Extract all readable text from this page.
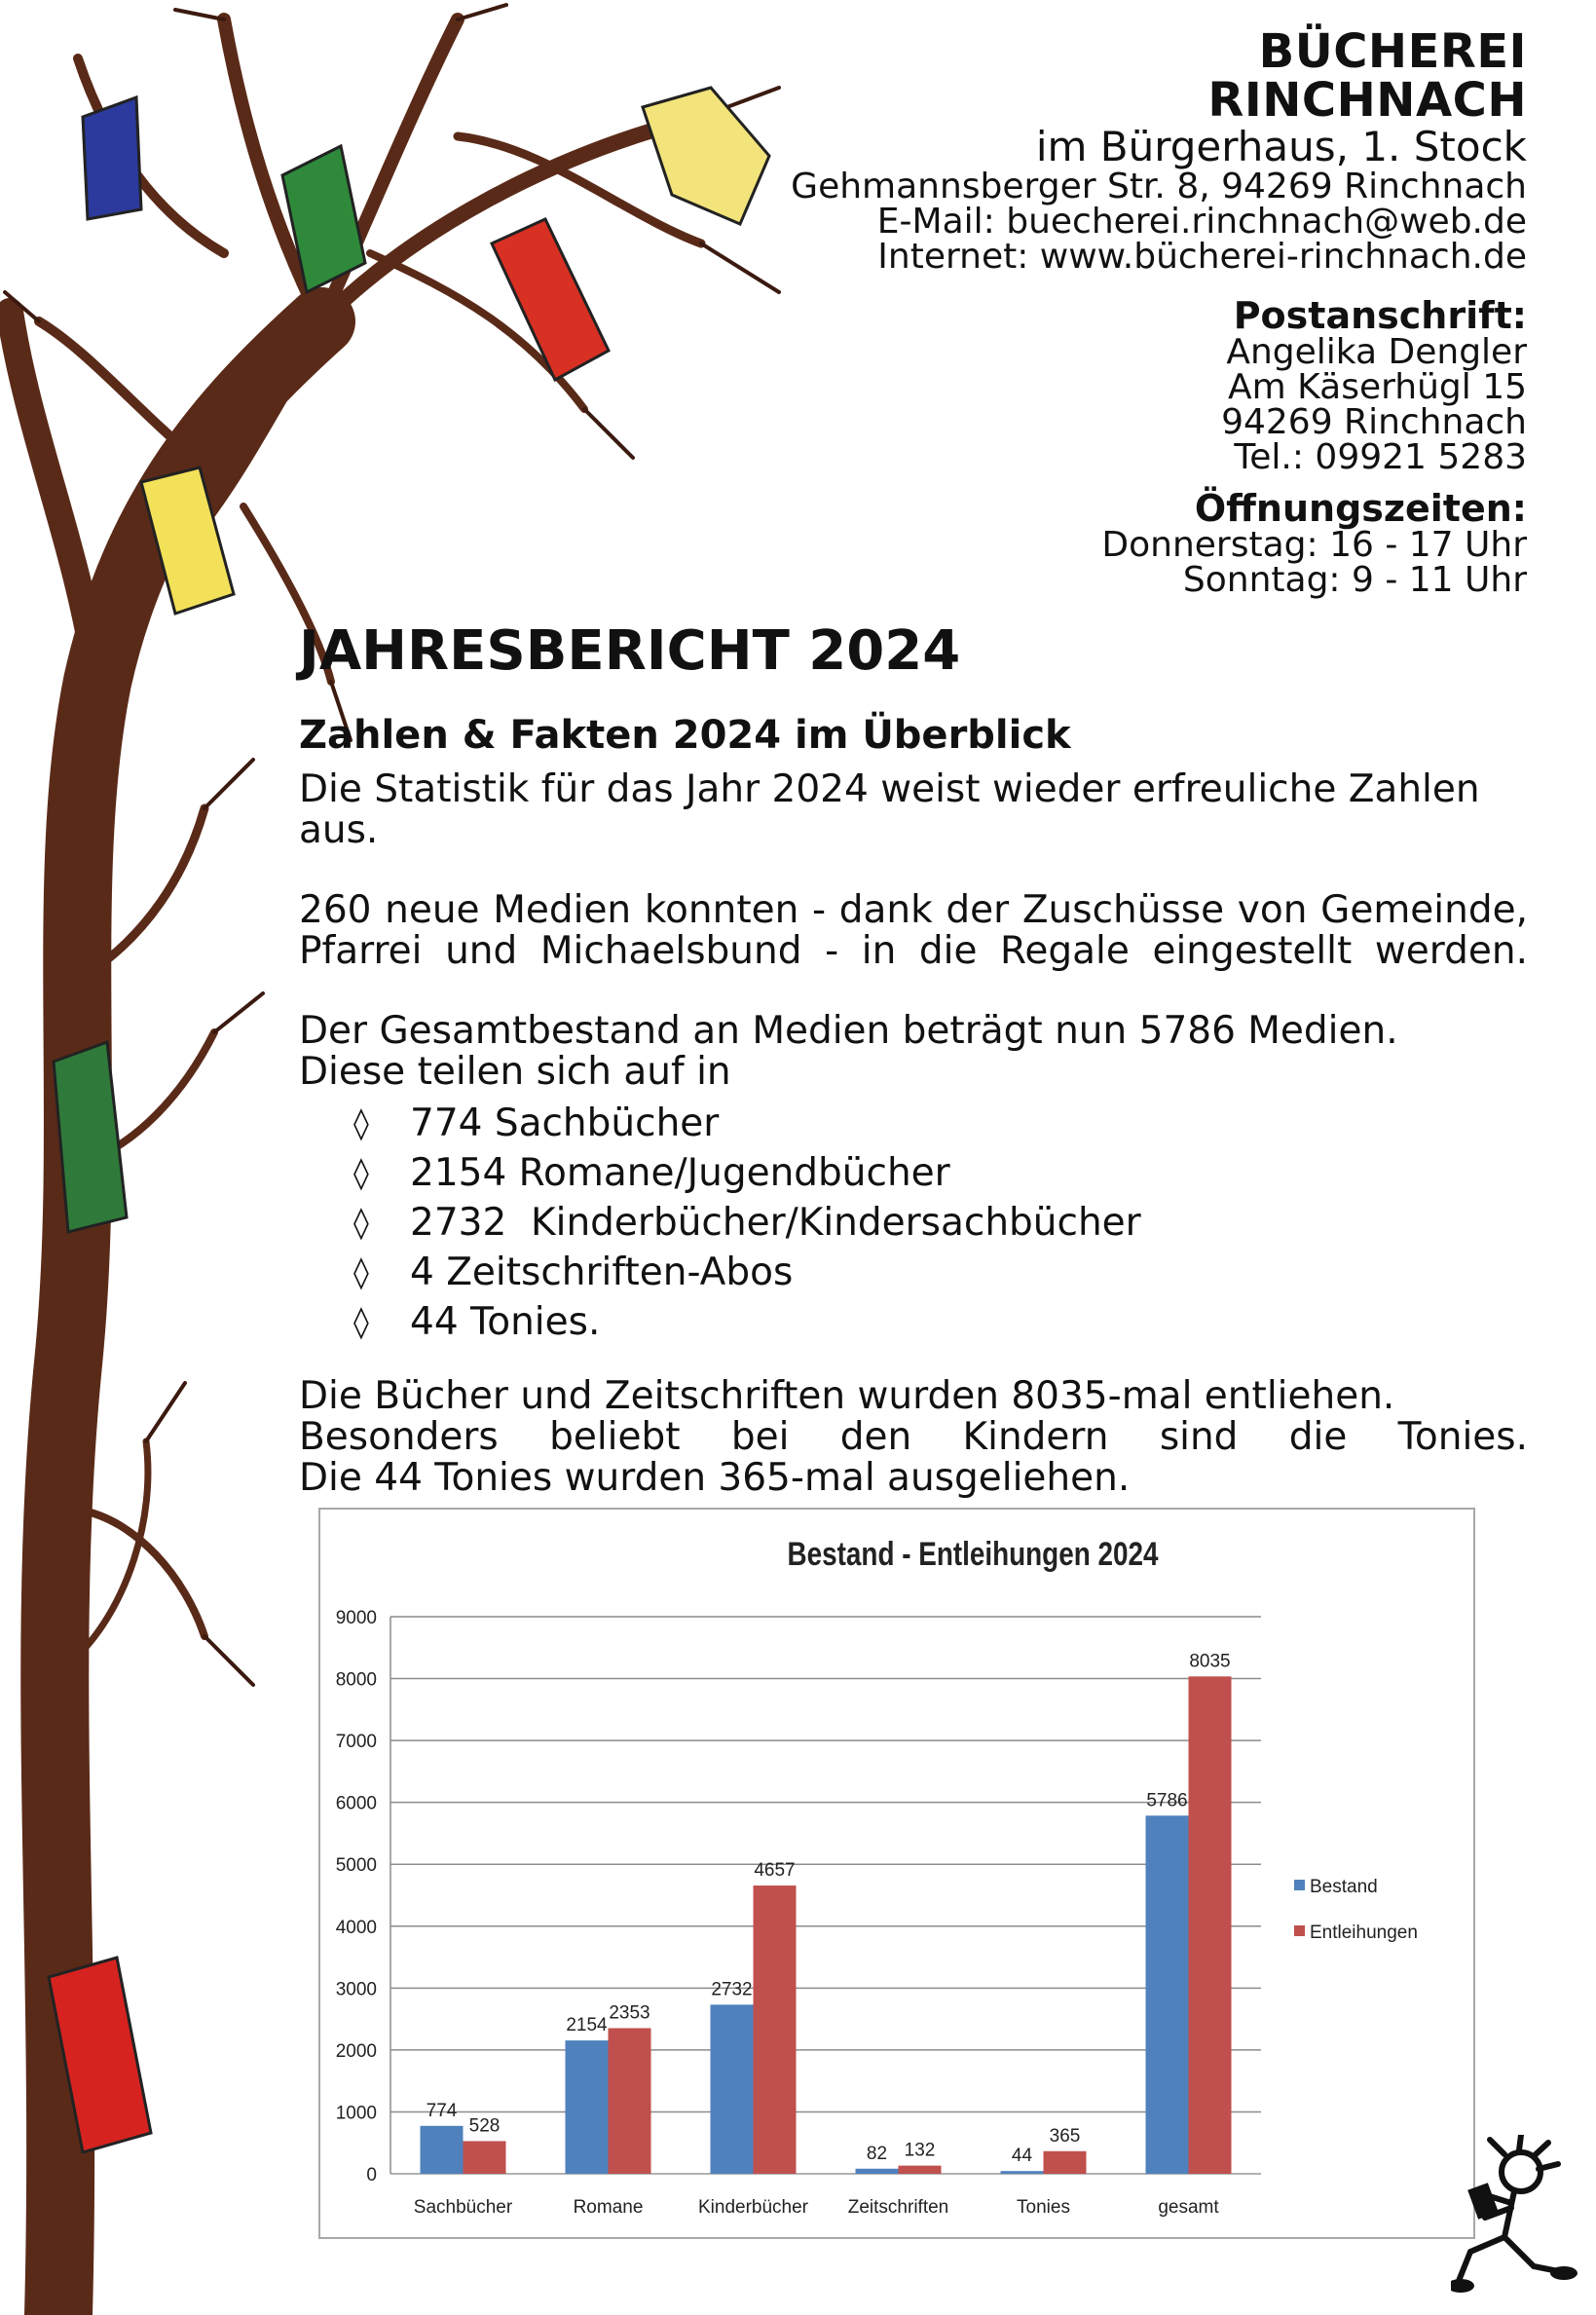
BÜCHEREI
RINCHNACH
im Bürgerhaus, 1. Stock
Gehmannsberger Str. 8, 94269 Rinchnach
E-Mail: buecherei.rinchnach@web.de
Internet: www.bücherei-rinchnach.de
Postanschrift:
Angelika Dengler
Am Käserhügl 15
94269 Rinchnach
Tel.: 09921 5283
Öffnungszeiten:
Donnerstag: 16 - 17 Uhr
Sonntag: 9 - 11 Uhr
JAHRESBERICHT 2024
Zahlen & Fakten 2024 im Überblick

Die Statistik für das Jahr 2024 weist wieder erfreuliche Zahlen aus.

260 neue Medien konnten - dank der Zuschüsse von Gemeinde,

Pfarrei und Michaelsbund - in die Regale eingestellt werden.

Der Gesamtbestand an Medien beträgt nun 5786 Medien.

Diese teilen sich auf in

◊	774 Sachbücher
◊	2154 Romane/Jugendbücher
◊	2732  Kinderbücher/Kindersachbücher
◊	4 Zeitschriften-Abos
◊	44 Tonies.

Die Bücher und Zeitschriften wurden 8035-mal entliehen.

Besonders beliebt bei den Kindern sind die Tonies.

Die 44 Tonies wurden 365-mal ausgeliehen.

Bestand - Entleihungen 2024
0
1000
2000
3000
4000
5000
6000
7000
8000
9000
774
528
Sachbücher
2154
2353
Romane
2732
4657
Kinderbücher
82 132
Zeitschriften
44
365
Tonies
5786
8035
gesamt
Bestand
Entleihungen
